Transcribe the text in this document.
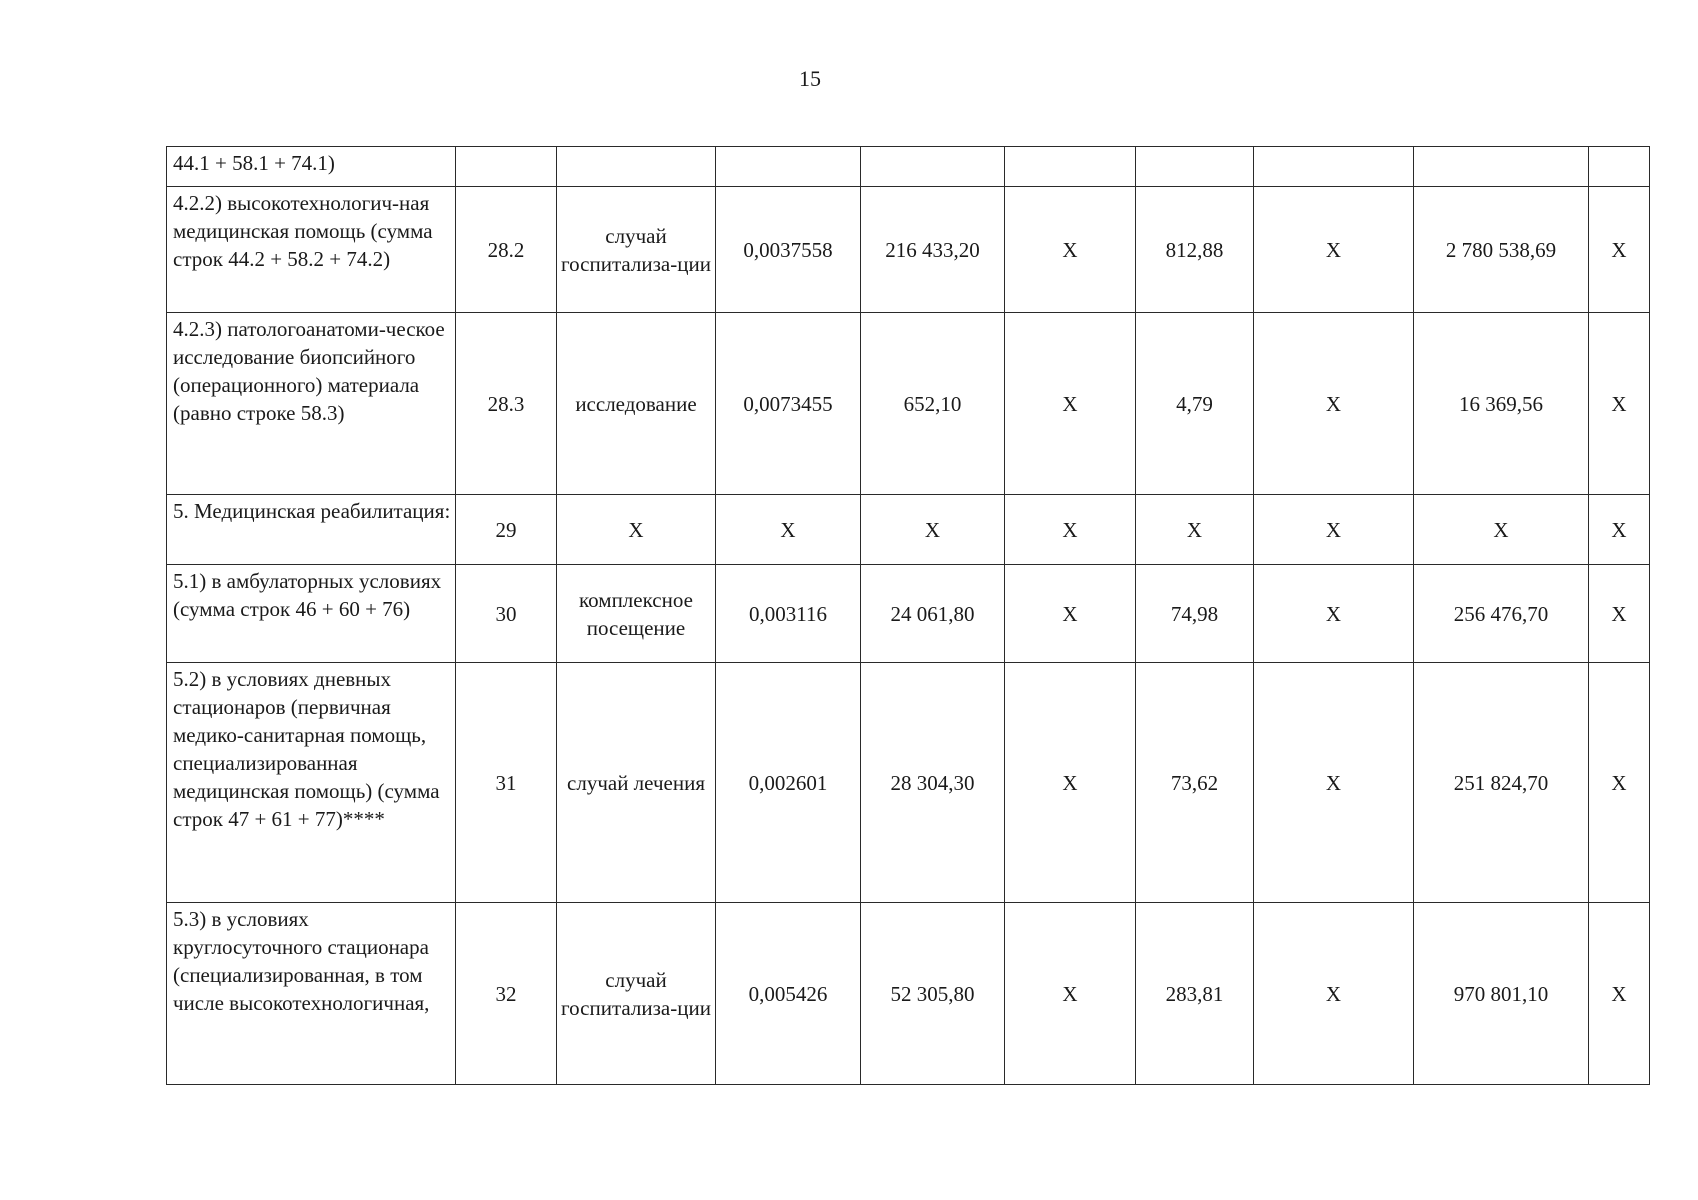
15
44.1 + 58.1 + 74.1)									
4.2.2) высокотехнологич-ная медицинская помощь (сумма строк 44.2 + 58.2 + 74.2)	28.2	случай госпитализа-ции	0,0037558	216 433,20	Х	812,88	Х	2 780 538,69	Х
4.2.3) патологоанатоми-ческое исследование биопсийного (операционного) материала (равно строке 58.3)	28.3	исследование	0,0073455	652,10	Х	4,79	Х	16 369,56	Х
5. Медицинская реабилитация:	29	Х	Х	Х	Х	Х	Х	Х	Х
5.1) в амбулаторных условиях (сумма строк 46 + 60 + 76)	30	комплексное посещение	0,003116	24 061,80	Х	74,98	Х	256 476,70	Х
5.2) в условиях дневных стационаров (первичная медико-санитарная помощь, специализированная медицинская помощь) (сумма строк 47 + 61 + 77)****	31	случай лечения	0,002601	28 304,30	Х	73,62	Х	251 824,70	Х
5.3) в условиях круглосуточного стационара (специализированная, в том числе высокотехнологичная,	32	случай госпитализа-ции	0,005426	52 305,80	Х	283,81	Х	970 801,10	Х
